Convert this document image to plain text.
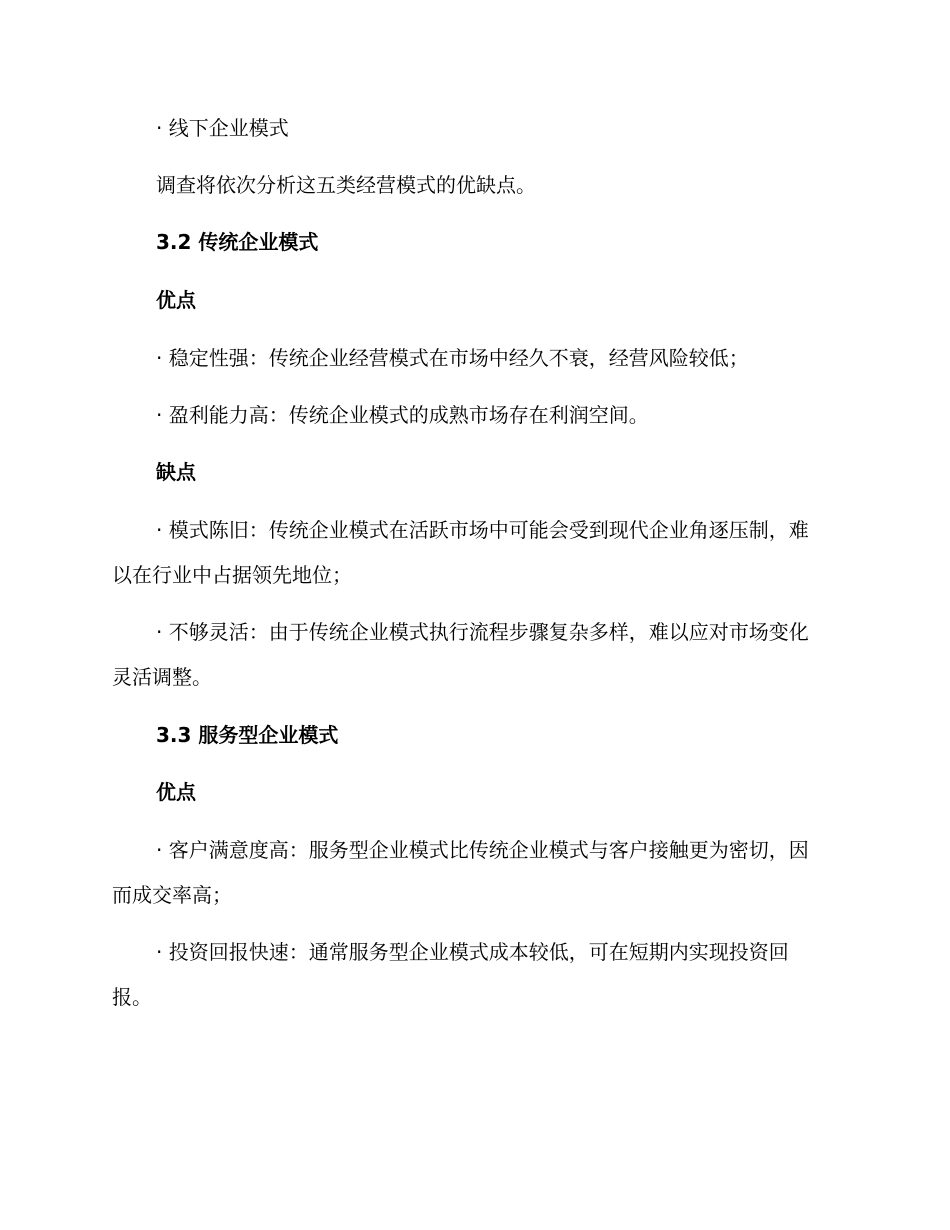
· 线下企业模式

调查将依次分析这五类经营模式的优缺点。

3.2 传统企业模式

优点

· 稳定性强：传统企业经营模式在市场中经久不衰，经营风险较低；

· 盈利能力高：传统企业模式的成熟市场存在利润空间。

缺点

· 模式陈旧：传统企业模式在活跃市场中可能会受到现代企业角逐压制，难以在行业中占据领先地位；

· 不够灵活：由于传统企业模式执行流程步骤复杂多样，难以应对市场变化灵活调整。

3.3 服务型企业模式

优点

· 客户满意度高：服务型企业模式比传统企业模式与客户接触更为密切，因而成交率高；

· 投资回报快速：通常服务型企业模式成本较低，可在短期内实现投资回报。
